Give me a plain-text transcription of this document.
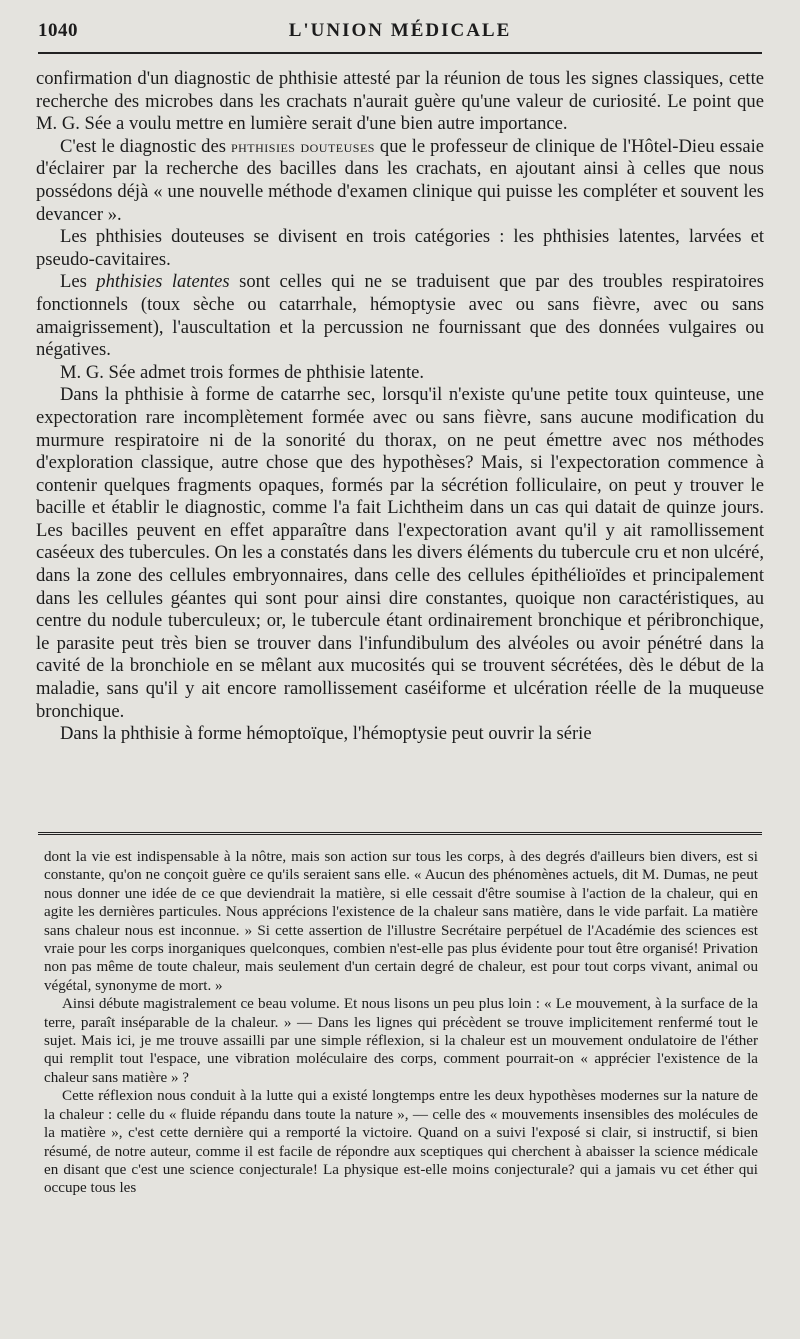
1040	L'UNION MÉDICALE

confirmation d'un diagnostic de phthisie attesté par la réunion de tous les signes classiques, cette recherche des microbes dans les crachats n'aurait guère qu'une valeur de curiosité. Le point que M. G. Sée a voulu mettre en lumière serait d'une bien autre importance.

C'est le diagnostic des phthisies douteuses que le professeur de clinique de l'Hôtel-Dieu essaie d'éclairer par la recherche des bacilles dans les crachats, en ajoutant ainsi à celles que nous possédons déjà « une nouvelle méthode d'examen clinique qui puisse les compléter et souvent les devancer ».

Les phthisies douteuses se divisent en trois catégories : les phthisies latentes, larvées et pseudo-cavitaires.

Les phthisies latentes sont celles qui ne se traduisent que par des troubles respiratoires fonctionnels (toux sèche ou catarrhale, hémoptysie avec ou sans fièvre, avec ou sans amaigrissement), l'auscultation et la percussion ne fournissant que des données vulgaires ou négatives.

M. G. Sée admet trois formes de phthisie latente.

Dans la phthisie à forme de catarrhe sec, lorsqu'il n'existe qu'une petite toux quinteuse, une expectoration rare incomplètement formée avec ou sans fièvre, sans aucune modification du murmure respiratoire ni de la sonorité du thorax, on ne peut émettre avec nos méthodes d'exploration classique, autre chose que des hypothèses? Mais, si l'expectoration commence à contenir quelques fragments opaques, formés par la sécrétion folliculaire, on peut y trouver le bacille et établir le diagnostic, comme l'a fait Lichtheim dans un cas qui datait de quinze jours. Les bacilles peuvent en effet apparaître dans l'expectoration avant qu'il y ait ramollissement caséeux des tubercules. On les a constatés dans les divers éléments du tubercule cru et non ulcéré, dans la zone des cellules embryonnaires, dans celle des cellules épithélioïdes et principalement dans les cellules géantes qui sont pour ainsi dire constantes, quoique non caractéristiques, au centre du nodule tuberculeux; or, le tubercule étant ordinairement bronchique et péribronchique, le parasite peut très bien se trouver dans l'infundibulum des alvéoles ou avoir pénétré dans la cavité de la bronchiole en se mêlant aux mucosités qui se trouvent sécrétées, dès le début de la maladie, sans qu'il y ait encore ramollissement caséiforme et ulcération réelle de la muqueuse bronchique.

Dans la phthisie à forme hémoptoïque, l'hémoptysie peut ouvrir la série

dont la vie est indispensable à la nôtre, mais son action sur tous les corps, à des degrés d'ailleurs bien divers, est si constante, qu'on ne conçoit guère ce qu'ils seraient sans elle. « Aucun des phénomènes actuels, dit M. Dumas, ne peut nous donner une idée de ce que deviendrait la matière, si elle cessait d'être soumise à l'action de la chaleur, qui en agite les dernières particules. Nous apprécions l'existence de la chaleur sans matière, dans le vide parfait. La matière sans chaleur nous est inconnue. » Si cette assertion de l'illustre Secrétaire perpétuel de l'Académie des sciences est vraie pour les corps inorganiques quelconques, combien n'est-elle pas plus évidente pour tout être organisé! Privation non pas même de toute chaleur, mais seulement d'un certain degré de chaleur, est pour tout corps vivant, animal ou végétal, synonyme de mort. »

Ainsi débute magistralement ce beau volume. Et nous lisons un peu plus loin : « Le mouvement, à la surface de la terre, paraît inséparable de la chaleur. » — Dans les lignes qui précèdent se trouve implicitement renfermé tout le sujet. Mais ici, je me trouve assailli par une simple réflexion, si la chaleur est un mouvement ondulatoire de l'éther qui remplit tout l'espace, une vibration moléculaire des corps, comment pourrait-on « apprécier l'existence de la chaleur sans matière » ?

Cette réflexion nous conduit à la lutte qui a existé longtemps entre les deux hypothèses modernes sur la nature de la chaleur : celle du « fluide répandu dans toute la nature », — celle des « mouvements insensibles des molécules de la matière », c'est cette dernière qui a remporté la victoire. Quand on a suivi l'exposé si clair, si instructif, si bien résumé, de notre auteur, comme il est facile de répondre aux sceptiques qui cherchent à abaisser la science médicale en disant que c'est une science conjecturale! La physique est-elle moins conjecturale? qui a jamais vu cet éther qui occupe tous les
